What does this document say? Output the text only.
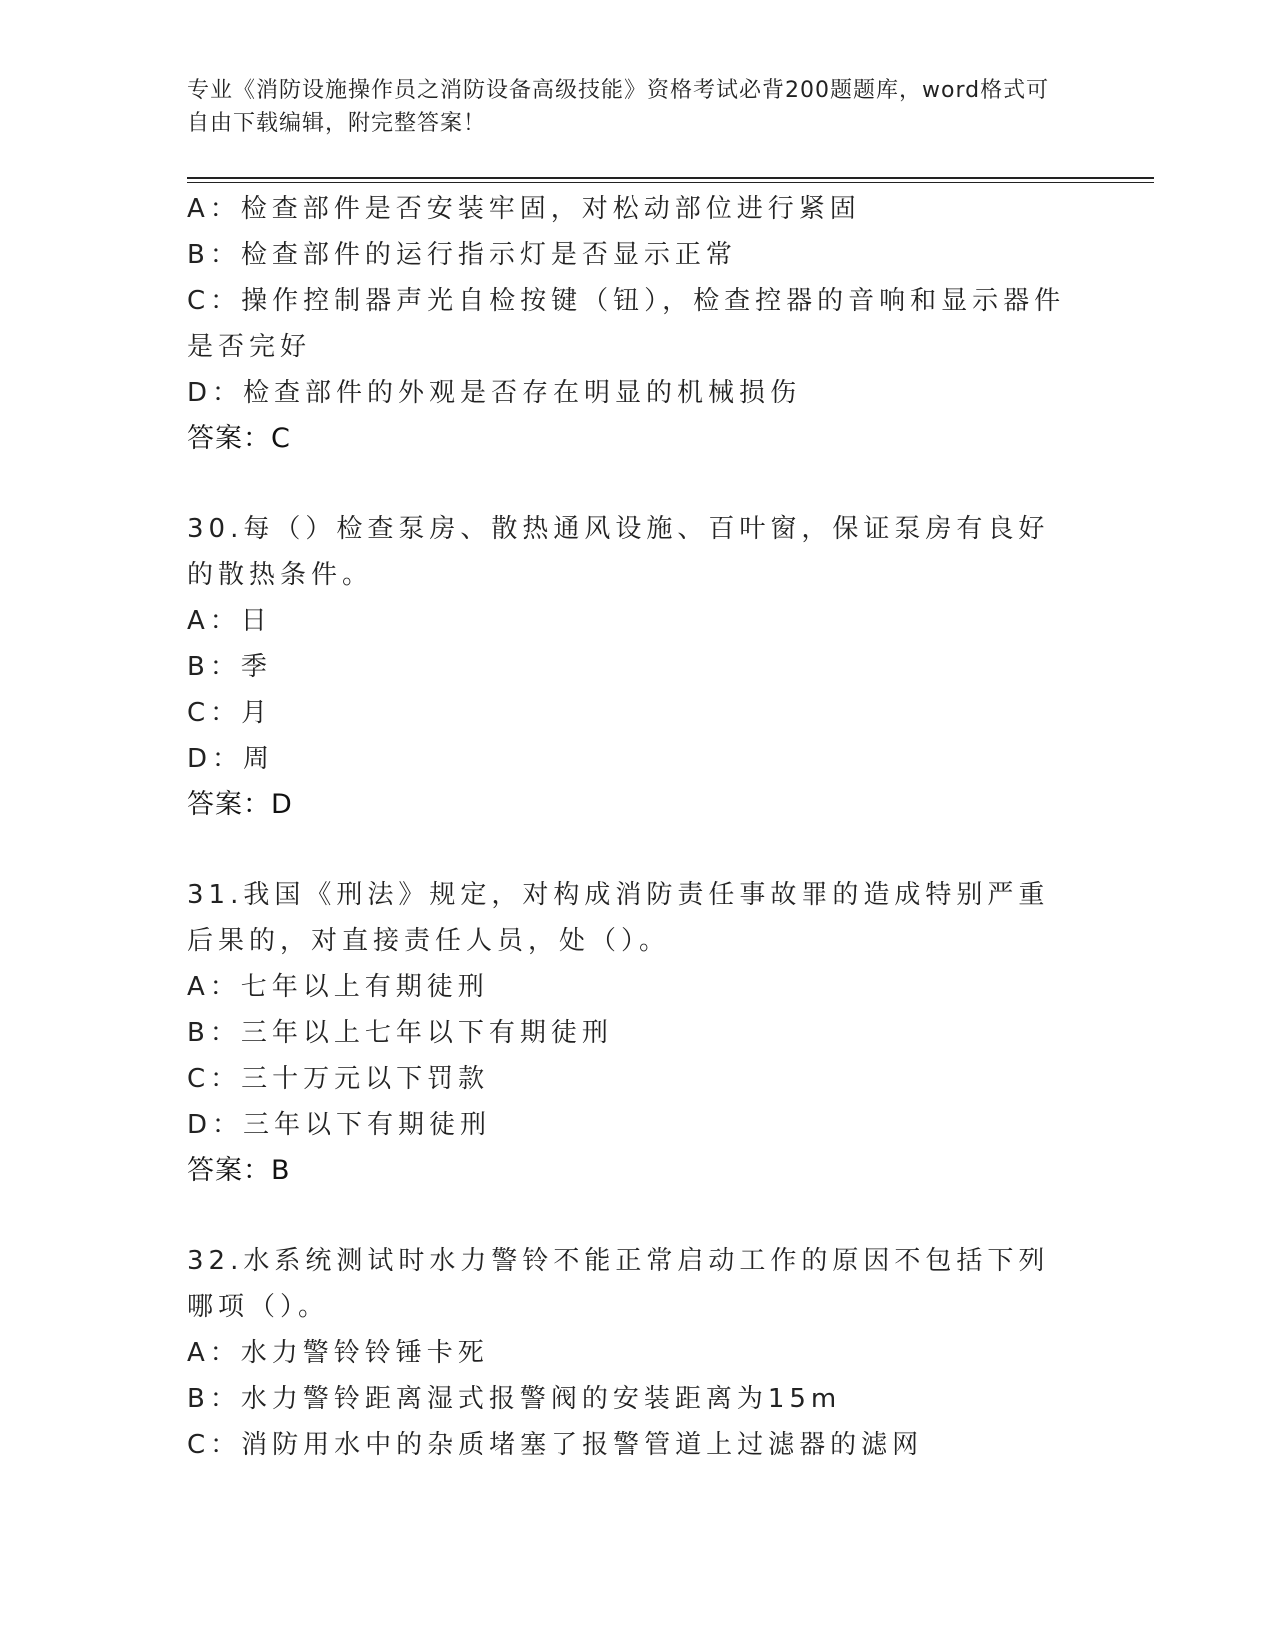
专业《消防设施操作员之消防设备高级技能》资格考试必背200题题库，word格式可自由下载编辑，附完整答案！
A：检查部件是否安装牢固，对松动部位进行紧固
B：检查部件的运行指示灯是否显示正常
C：操作控制器声光自检按键（钮），检查控器的音响和显示器件是否完好
D：检查部件的外观是否存在明显的机械损伤
答案：C
30.每（）检查泵房、散热通风设施、百叶窗，保证泵房有良好的散热条件。
A：日
B：季
C：月
D：周
答案：D
31.我国《刑法》规定，对构成消防责任事故罪的造成特别严重后果的，对直接责任人员，处（）。
A：七年以上有期徒刑
B：三年以上七年以下有期徒刑
C：三十万元以下罚款
D：三年以下有期徒刑
答案：B
32.水系统测试时水力警铃不能正常启动工作的原因不包括下列哪项（）。
A：水力警铃铃锤卡死
B：水力警铃距离湿式报警阀的安装距离为15m
C：消防用水中的杂质堵塞了报警管道上过滤器的滤网
